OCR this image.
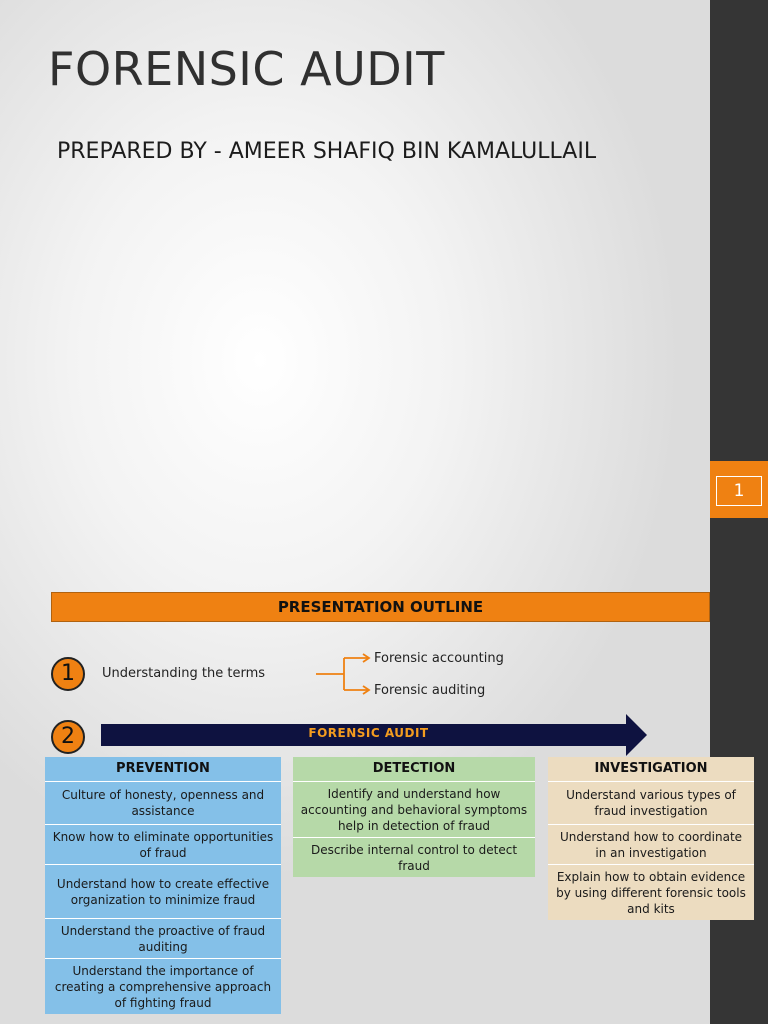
1
FORENSIC AUDIT
PREPARED BY - AMEER SHAFIQ BIN KAMALULLAIL
PRESENTATION OUTLINE
1	Understanding the terms
Forensic accounting
Forensic auditing
2	FORENSIC AUDIT
PREVENTION
Culture of honesty, openness and assistance
Know how to eliminate opportunities of fraud
Understand how to create effective organization to minimize fraud
Understand the proactive of fraud auditing
Understand the importance of creating a comprehensive approach of fighting fraud
DETECTION
Identify and understand how accounting and behavioral symptoms help in detection of fraud
Describe internal control to detect fraud
INVESTIGATION
Understand various types of fraud investigation
Understand how to coordinate in an investigation
Explain how to obtain evidence by using different forensic tools and kits
